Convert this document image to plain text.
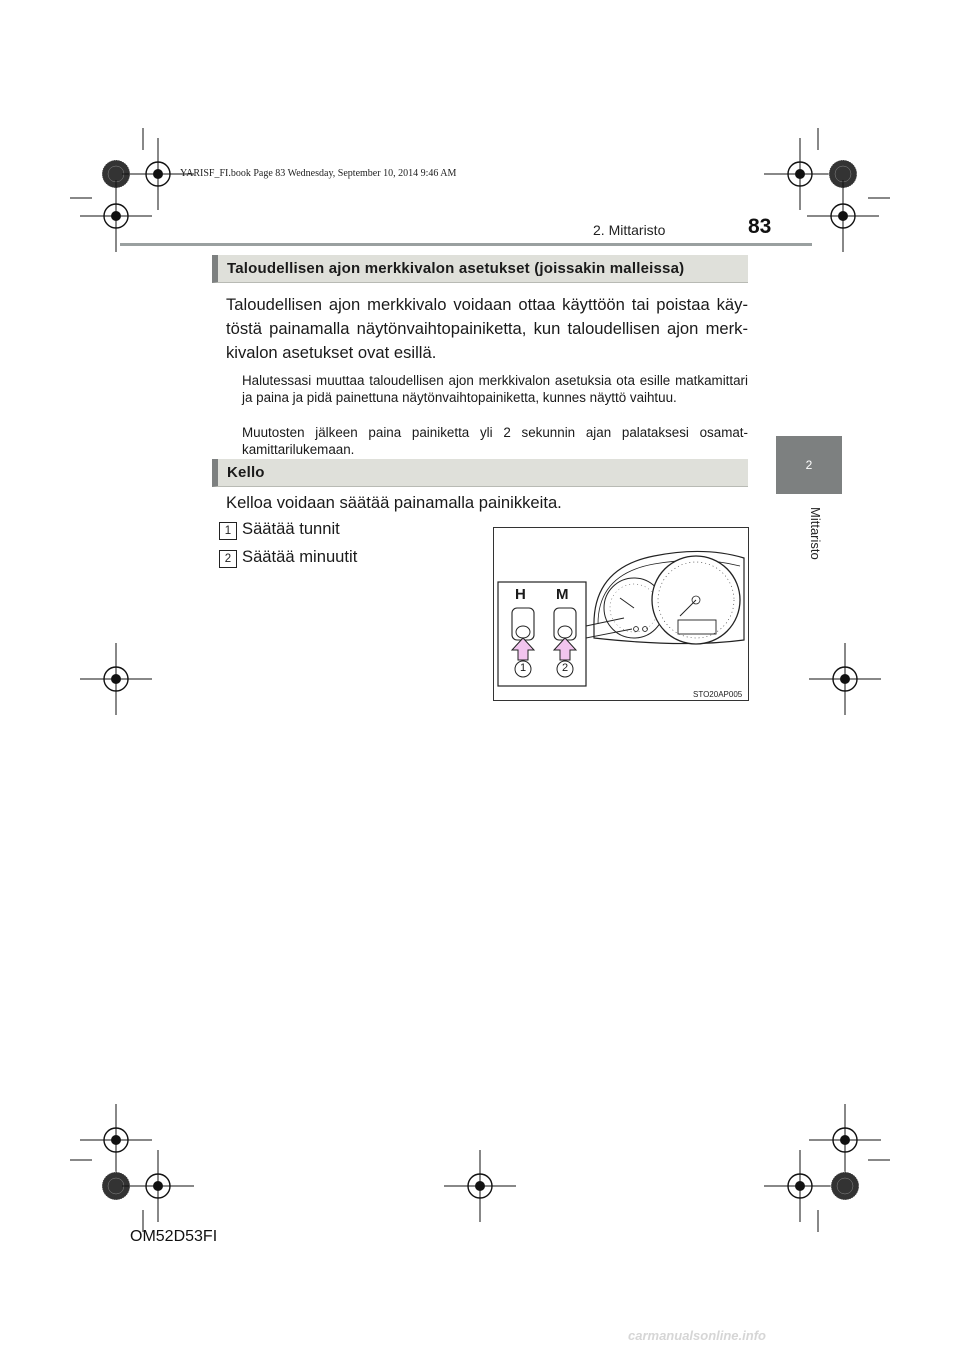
YARISF_FI.book Page 83 Wednesday, September 10, 2014 9:46 AM
2. Mittaristo	83
2
Mittaristo
Taloudellisen ajon merkkivalon asetukset (joissakin malleissa)
Taloudellisen ajon merkkivalo voidaan ottaa käyttöön tai poistaa käytöstä painamalla näytönvaihtopainiketta, kun taloudellisen ajon merkkivalon asetukset ovat esillä.
Halutessasi muuttaa taloudellisen ajon merkkivalon asetuksia ota esille matkamittari ja paina ja pidä painettuna näytönvaihtopainiketta, kunnes näyttö vaihtuu.
Muutosten jälkeen paina painiketta yli 2 sekunnin ajan palataksesi osamatkamittarilukemaan.
Kello
Kelloa voidaan säätää painamalla painikkeita.
1 Säätää tunnit
2 Säätää minuutit
H M
1	2
STO20AP005
OM52D53FI
carmanualsonline.info
